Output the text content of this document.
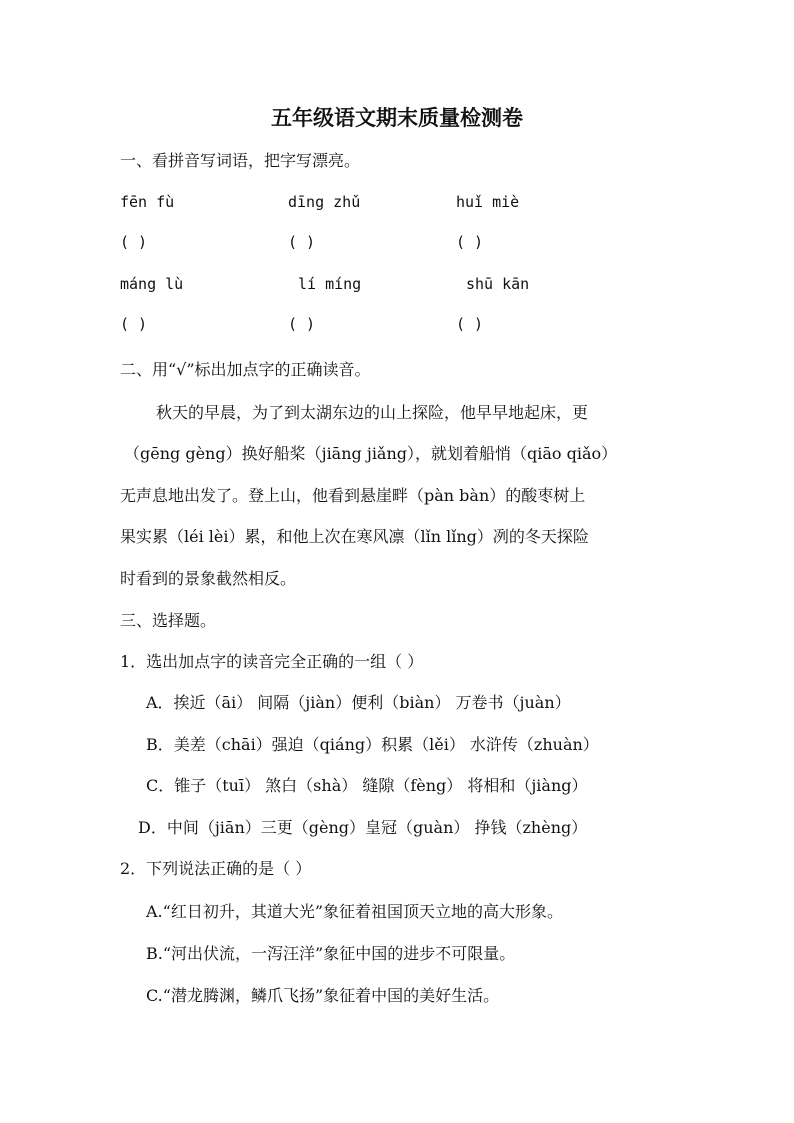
五年级语文期末质量检测卷
一、看拼音写词语，把字写漂亮。
fēn fù	dīng zhǔ	huǐ miè
( )	( )	( )
máng lù	lí míng	shū kān
( )	( )	( )
二、用“√”标出加点字的正确读音。
秋天的早晨，为了到太湖东边的山上探险，他早早地起床，更
（gēng gèng）换好船桨（jiāng jiǎng），就划着船悄（qiāo qiǎo）
无声息地出发了。登上山，他看到悬崖畔（pàn bàn）的酸枣树上
果实累（léi lèi）累，和他上次在寒风凛（lǐn lǐng）冽的冬天探险
时看到的景象截然相反。
三、选择题。
1．选出加点字的读音完全正确的一组（ ）
A．挨近（āi） 间隔（jiàn）便利（biàn） 万卷书（juàn）
B．美差（chāi）强迫（qiáng）积累（lěi） 水浒传（zhuàn）
C．锥子（tuī） 煞白（shà） 缝隙（fèng） 将相和（jiàng）
D．中间（jiān）三更（gèng）皇冠（guàn） 挣钱（zhèng）
2．下列说法正确的是（ ）
A.“红日初升，其道大光”象征着祖国顶天立地的高大形象。
B.“河出伏流，一泻汪洋”象征中国的进步不可限量。
C.“潜龙腾渊，鳞爪飞扬”象征着中国的美好生活。
